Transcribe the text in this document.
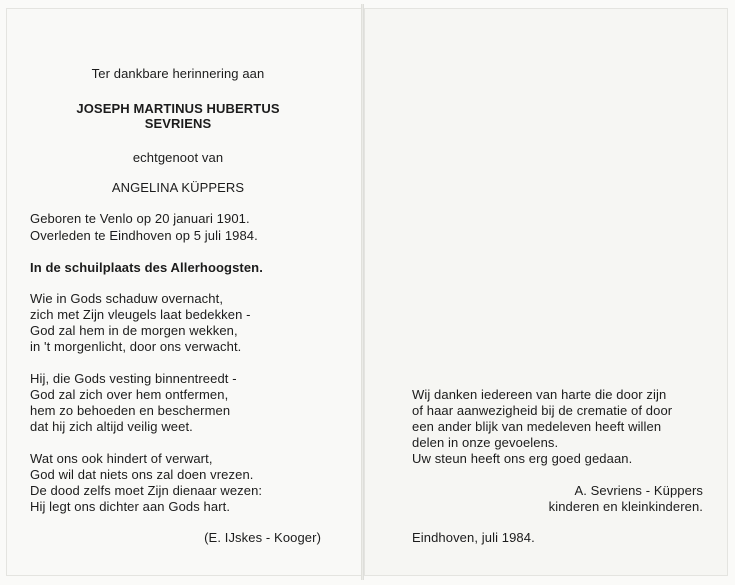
Ter dankbare herinnering aan
JOSEPH MARTINUS HUBERTUS
SEVRIENS
echtgenoot van
ANGELINA KÜPPERS
Geboren te Venlo op 20 januari 1901.
Overleden te Eindhoven op 5 juli 1984.
In de schuilplaats des Allerhoogsten.
Wie in Gods schaduw overnacht,
zich met Zijn vleugels laat bedekken -
God zal hem in de morgen wekken,
in 't morgenlicht, door ons verwacht.
Hij, die Gods vesting binnentreedt -
God zal zich over hem ontfermen,
hem zo behoeden en beschermen
dat hij zich altijd veilig weet.
Wat ons ook hindert of verwart,
God wil dat niets ons zal doen vrezen.
De dood zelfs moet Zijn dienaar wezen:
Hij legt ons dichter aan Gods hart.
(E. IJskes - Kooger)
Wij danken iedereen van harte die door zijn
of haar aanwezigheid bij de crematie of door
een ander blijk van medeleven heeft willen
delen in onze gevoelens.
Uw steun heeft ons erg goed gedaan.
A. Sevriens - Küppers
kinderen en kleinkinderen.
Eindhoven, juli 1984.
